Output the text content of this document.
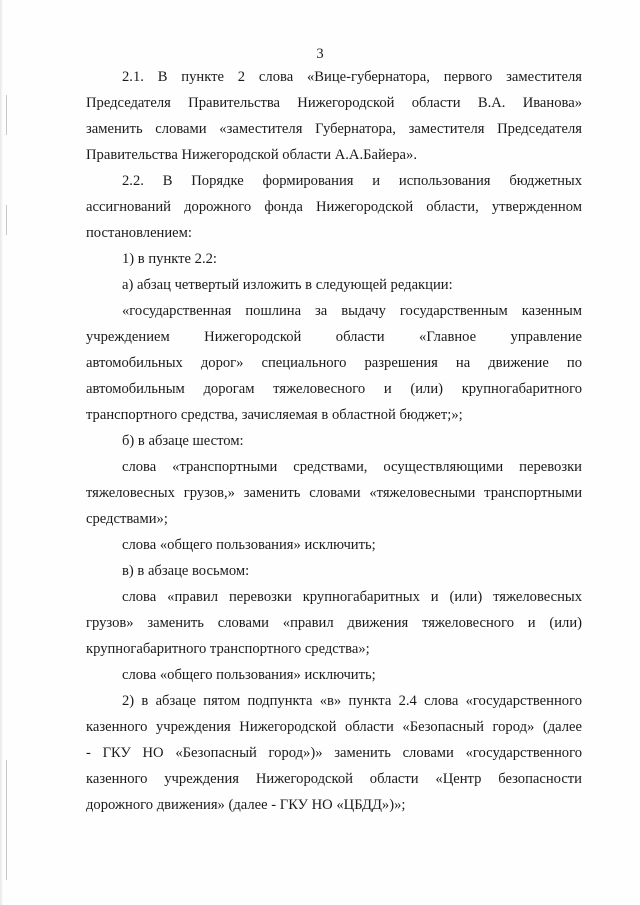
3
2.1. В пункте 2 слова «Вице-губернатора, первого заместителя
Председателя Правительства Нижегородской области В.А. Иванова»
заменить словами «заместителя Губернатора, заместителя Председателя
Правительства Нижегородской области А.А.Байера».
2.2. В Порядке формирования и использования бюджетных
ассигнований дорожного фонда Нижегородской области, утвержденном
постановлением:
1) в пункте 2.2:
а) абзац четвертый изложить в следующей редакции:
«государственная пошлина за выдачу государственным казенным
учреждением Нижегородской области «Главное управление
автомобильных дорог» специального разрешения на движение по
автомобильным дорогам тяжеловесного и (или) крупногабаритного
транспортного средства, зачисляемая в областной бюджет;»;
б) в абзаце шестом:
слова «транспортными средствами, осуществляющими перевозки
тяжеловесных грузов,» заменить словами «тяжеловесными транспортными
средствами»;
слова «общего пользования» исключить;
в) в абзаце восьмом:
слова «правил перевозки крупногабаритных и (или) тяжеловесных
грузов» заменить словами «правил движения тяжеловесного и (или)
крупногабаритного транспортного средства»;
слова «общего пользования» исключить;
2) в абзаце пятом подпункта «в» пункта 2.4 слова «государственного
казенного учреждения Нижегородской области «Безопасный город» (далее
- ГКУ НО «Безопасный город»)» заменить словами «государственного
казенного учреждения Нижегородской области «Центр безопасности
дорожного движения» (далее - ГКУ НО «ЦБДД»)»;
